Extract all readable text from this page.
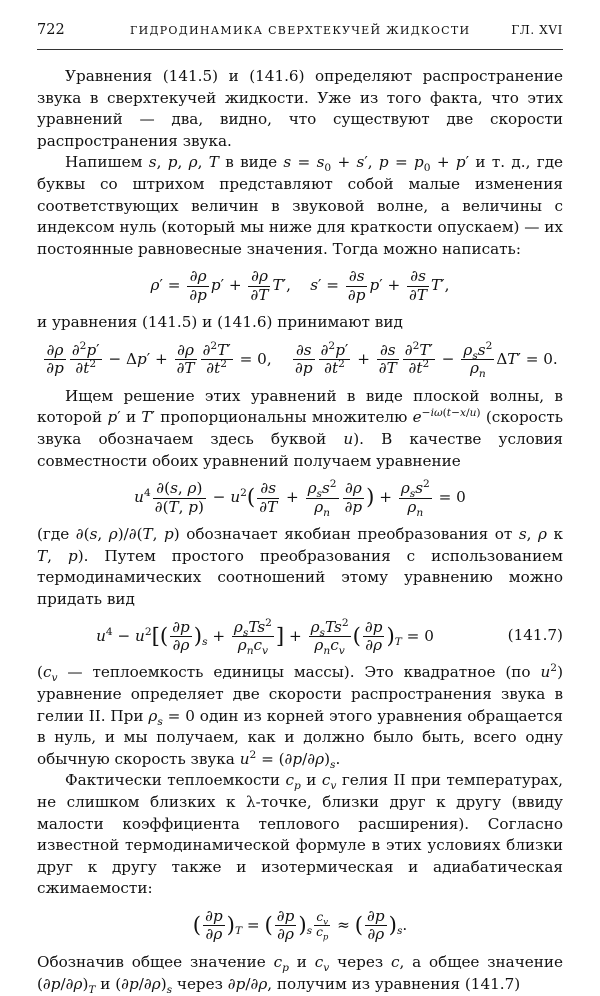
722	ГИДРОДИНАМИКА СВЕРХТЕКУЧЕЙ ЖИДКОСТИ	ГЛ. XVI

Уравнения (141.5) и (141.6) определяют распространение звука в сверхтекучей жидкости. Уже из того факта, что этих уравнений — два, видно, что существуют две скорости распространения звука.

Напишем s, p, ρ, T в виде $s = s_0 + s'$, $p = p_0 + p'$ и т. д., где буквы со штрихом представляют собой малые изменения соответствующих величин в звуковой волне, а величины с индексом нуль (который мы ниже для краткости опускаем) — их постоянные равновесные значения. Тогда можно написать:

$\rho' = \frac{\partial\rho}{\partial p} p' + \frac{\partial\rho}{\partial T} T'$,    $s' = \frac{\partial s}{\partial p} p' + \frac{\partial s}{\partial T} T'$,

и уравнения (141.5) и (141.6) принимают вид

$\frac{\partial\rho}{\partial p} \frac{\partial^2p'}{\partial t^2} - \Delta p' + \frac{\partial\rho}{\partial T} \frac{\partial^2T'}{\partial t^2} = 0$, $\frac{\partial s}{\partial p} \frac{\partial^2p'}{\partial t^2} + \frac{\partial s}{\partial T} \frac{\partial^2T'}{\partial t^2} - \rho_ss^2$
$\rho_n$
ΔT′ = 0.

Ищем решение этих уравнений в виде плоской волны, в которой p′ и T′ пропорциональны множителю $e^{-i\omega(t-x/u)}$ (скорость звука обозначаем здесь буквой u). В качестве условия совместности обоих уравнений получаем уравнение

$u^4 \frac{\partial(s, \rho)}{\partial(T, p)} - u^2( \frac{\partial s}{\partial T} + \rho_ss^2$
$\rho_n \frac{\partial\rho}{\partial p}$ ) + $\rho_ss^2$
$\rho_n$
= 0

(где ∂(s, ρ)/∂(T, p) обозначает якобиан преобразования от s, ρ к T, p). Путем простого преобразования с использованием термодинамических соотношений этому уравнению можно придать вид

$u^4 - u^2[( \frac{\partial p}{\partial\rho} )_s + \rho_sTs^2$
$\rho_nc_v$
] + $\rho_sTs^2$
$\rho_nc_v$
( $\frac{\partial p}{\partial\rho} )_T = 0$	(141.7)

($c_v$ — теплоемкость единицы массы). Это квадратное (по $u^2$) уравнение определяет две скорости распространения звука в гелии II. При $\rho_s = 0$ один из корней этого уравнения обращается в нуль, и мы получаем, как и должно было быть, всего одну обычную скорость звука $u^2 = (\partial p/\partial\rho)_s$.

Фактически теплоемкости $c_p$ и $c_v$ гелия II при температурах, не слишком близких к λ-точке, близки друг к другу (ввиду малости коэффициента теплового расширения). Согласно известной термодинамической формуле в этих условиях близки друг к другу также и изотермическая и адиабатическая сжимаемости:

( $\frac{\partial p}{\partial\rho} )_T$ = ( $\frac{\partial p}{\partial\rho} )_s \frac{c_v}{c_p}$ ≈ ( $\frac{\partial p}{\partial\rho} )_s$.

Обозначив общее значение $c_p$ и $c_v$ через c, а общее значение $(\partial p/\partial\rho)_T$ и $(\partial p/\partial\rho)_s$ через ∂p/∂ρ, получим из уравнения (141.7)
